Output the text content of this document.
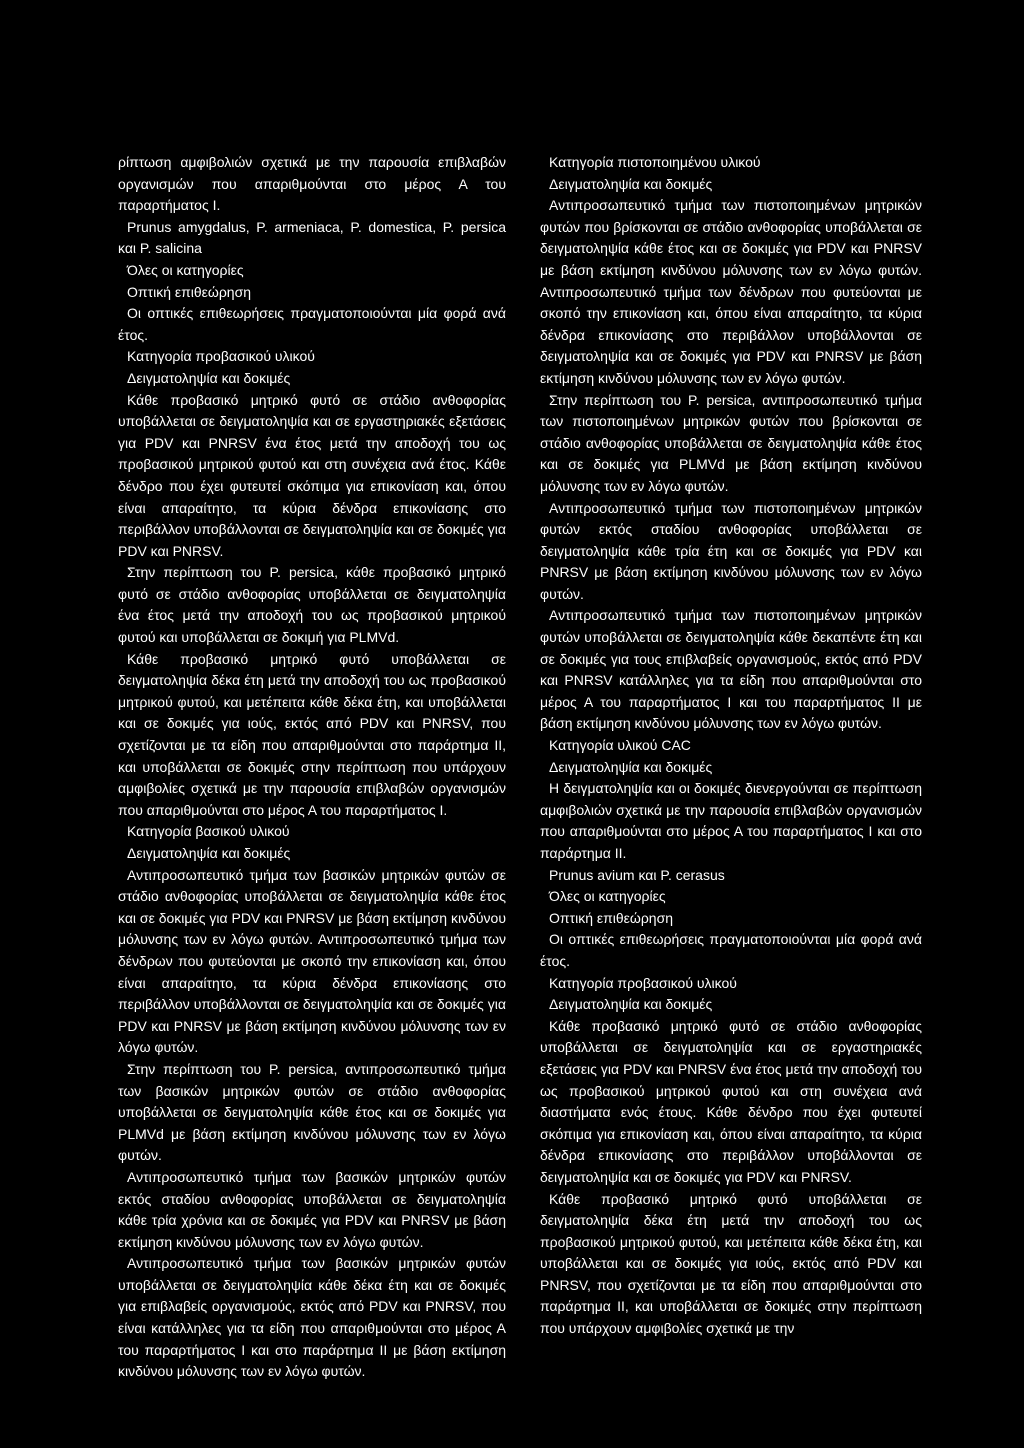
ρίπτωση αμφιβολιών σχετικά με την παρουσία επιβλαβών οργανισμών που απαριθμούνται στο μέρος Α του παραρτήματος Ι.

Prunus amygdalus, P. armeniaca, P. domestica, P. persica και P. salicina

Όλες οι κατηγορίες

Οπτική επιθεώρηση

Οι οπτικές επιθεωρήσεις πραγματοποιούνται μία φορά ανά έτος.

Κατηγορία προβασικού υλικού

Δειγματοληψία και δοκιμές

Κάθε προβασικό μητρικό φυτό σε στάδιο ανθοφορίας υποβάλλεται σε δειγματοληψία και σε εργαστηριακές εξετάσεις για PDV και PNRSV ένα έτος μετά την αποδοχή του ως προβασικού μητρικού φυτού και στη συνέχεια ανά έτος. Κάθε δένδρο που έχει φυτευτεί σκόπιμα για επικονίαση και, όπου είναι απαραίτητο, τα κύρια δένδρα επικονίασης στο περιβάλλον υποβάλλονται σε δειγματοληψία και σε δοκιμές για PDV και PNRSV.

Στην περίπτωση του P. persica, κάθε προβασικό μητρικό φυτό σε στάδιο ανθοφορίας υποβάλλεται σε δειγματοληψία ένα έτος μετά την αποδοχή του ως προβασικού μητρικού φυτού και υποβάλλεται σε δοκιμή για PLMVd.

Κάθε προβασικό μητρικό φυτό υποβάλλεται σε δειγματοληψία δέκα έτη μετά την αποδοχή του ως προβασικού μητρικού φυτού, και μετέπειτα κάθε δέκα έτη, και υποβάλλεται και σε δοκιμές για ιούς, εκτός από PDV και PNRSV, που σχετίζονται με τα είδη που απαριθμούνται στο παράρτημα II, και υποβάλλεται σε δοκιμές στην περίπτωση που υπάρχουν αμφιβολίες σχετικά με την παρουσία επιβλαβών οργανισμών που απαριθμούνται στο μέρος Α του παραρτήματος Ι.

Κατηγορία βασικού υλικού

Δειγματοληψία και δοκιμές

Αντιπροσωπευτικό τμήμα των βασικών μητρικών φυτών σε στάδιο ανθοφορίας υποβάλλεται σε δειγματοληψία κάθε έτος και σε δοκιμές για PDV και PNRSV με βάση εκτίμηση κινδύνου μόλυνσης των εν λόγω φυτών. Αντιπροσωπευτικό τμήμα των δένδρων που φυτεύονται με σκοπό την επικονίαση και, όπου είναι απαραίτητο, τα κύρια δένδρα επικονίασης στο περιβάλλον υποβάλλονται σε δειγματοληψία και σε δοκιμές για PDV και PNRSV με βάση εκτίμηση κινδύνου μόλυνσης των εν λόγω φυτών.

Στην περίπτωση του P. persica, αντιπροσωπευτικό τμήμα των βασικών μητρικών φυτών σε στάδιο ανθοφορίας υποβάλλεται σε δειγματοληψία κάθε έτος και σε δοκιμές για PLMVd με βάση εκτίμηση κινδύνου μόλυνσης των εν λόγω φυτών.

Αντιπροσωπευτικό τμήμα των βασικών μητρικών φυτών εκτός σταδίου ανθοφορίας υποβάλλεται σε δειγματοληψία κάθε τρία χρόνια και σε δοκιμές για PDV και PNRSV με βάση εκτίμηση κινδύνου μόλυνσης των εν λόγω φυτών.

Αντιπροσωπευτικό τμήμα των βασικών μητρικών φυτών υποβάλλεται σε δειγματοληψία κάθε δέκα έτη και σε δοκιμές για επιβλαβείς οργανισμούς, εκτός από PDV και PNRSV, που είναι κατάλληλες για τα είδη που απαριθμούνται στο μέρος Α του παραρτήματος Ι και στο παράρτημα II με βάση εκτίμηση κινδύνου μόλυνσης των εν λόγω φυτών.

Κατηγορία πιστοποιημένου υλικού

Δειγματοληψία και δοκιμές

Αντιπροσωπευτικό τμήμα των πιστοποιημένων μητρικών φυτών που βρίσκονται σε στάδιο ανθοφορίας υποβάλλεται σε δειγματοληψία κάθε έτος και σε δοκιμές για PDV και PNRSV με βάση εκτίμηση κινδύνου μόλυνσης των εν λόγω φυτών. Αντιπροσωπευτικό τμήμα των δένδρων που φυτεύονται με σκοπό την επικονίαση και, όπου είναι απαραίτητο, τα κύρια δένδρα επικονίασης στο περιβάλλον υποβάλλονται σε δειγματοληψία και σε δοκιμές για PDV και PNRSV με βάση εκτίμηση κινδύνου μόλυνσης των εν λόγω φυτών.

Στην περίπτωση του P. persica, αντιπροσωπευτικό τμήμα των πιστοποιημένων μητρικών φυτών που βρίσκονται σε στάδιο ανθοφορίας υποβάλλεται σε δειγματοληψία κάθε έτος και σε δοκιμές για PLMVd με βάση εκτίμηση κινδύνου μόλυνσης των εν λόγω φυτών.

Αντιπροσωπευτικό τμήμα των πιστοποιημένων μητρικών φυτών εκτός σταδίου ανθοφορίας υποβάλλεται σε δειγματοληψία κάθε τρία έτη και σε δοκιμές για PDV και PNRSV με βάση εκτίμηση κινδύνου μόλυνσης των εν λόγω φυτών.

Αντιπροσωπευτικό τμήμα των πιστοποιημένων μητρικών φυτών υποβάλλεται σε δειγματοληψία κάθε δεκαπέντε έτη και σε δοκιμές για τους επιβλαβείς οργανισμούς, εκτός από PDV και PNRSV κατάλληλες για τα είδη που απαριθμούνται στο μέρος Α του παραρτήματος Ι και του παραρτήματος II με βάση εκτίμηση κινδύνου μόλυνσης των εν λόγω φυτών.

Κατηγορία υλικού CAC

Δειγματοληψία και δοκιμές

Η δειγματοληψία και οι δοκιμές διενεργούνται σε περίπτωση αμφιβολιών σχετικά με την παρουσία επιβλαβών οργανισμών που απαριθμούνται στο μέρος Α του παραρτήματος Ι και στο παράρτημα II.

Prunus avium και P. cerasus

Όλες οι κατηγορίες

Οπτική επιθεώρηση

Οι οπτικές επιθεωρήσεις πραγματοποιούνται μία φορά ανά έτος.

Κατηγορία προβασικού υλικού

Δειγματοληψία και δοκιμές

Κάθε προβασικό μητρικό φυτό σε στάδιο ανθοφορίας υποβάλλεται σε δειγματοληψία και σε εργαστηριακές εξετάσεις για PDV και PNRSV ένα έτος μετά την αποδοχή του ως προβασικού μητρικού φυτού και στη συνέχεια ανά διαστήματα ενός έτους. Κάθε δένδρο που έχει φυτευτεί σκόπιμα για επικονίαση και, όπου είναι απαραίτητο, τα κύρια δένδρα επικονίασης στο περιβάλλον υποβάλλονται σε δειγματοληψία και σε δοκιμές για PDV και PNRSV.

Κάθε προβασικό μητρικό φυτό υποβάλλεται σε δειγματοληψία δέκα έτη μετά την αποδοχή του ως προβασικού μητρικού φυτού, και μετέπειτα κάθε δέκα έτη, και υποβάλλεται και σε δοκιμές για ιούς, εκτός από PDV και PNRSV, που σχετίζονται με τα είδη που απαριθμούνται στο παράρτημα II, και υποβάλλεται σε δοκιμές στην περίπτωση που υπάρχουν αμφιβολίες σχετικά με την
